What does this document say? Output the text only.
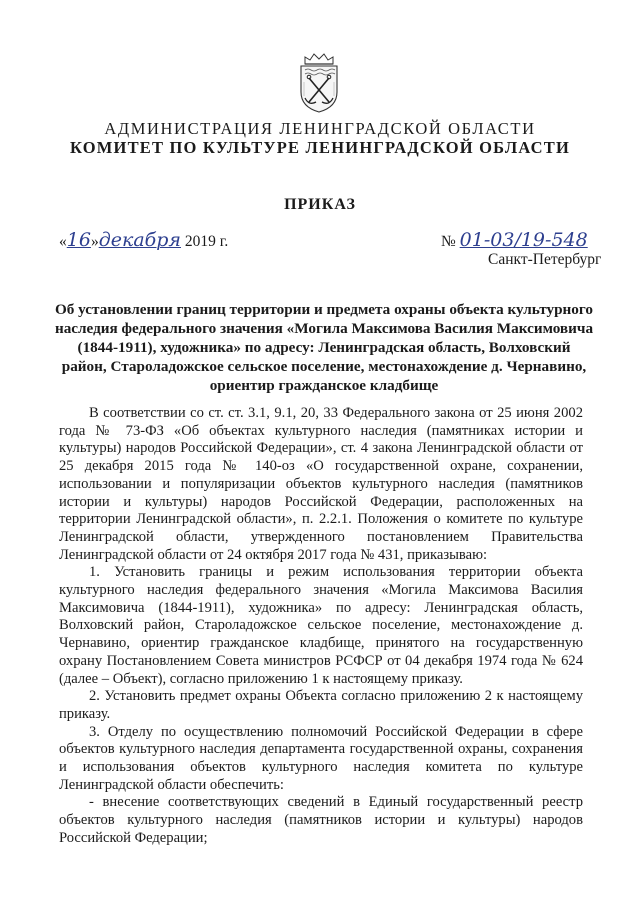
АДМИНИСТРАЦИЯ ЛЕНИНГРАДСКОЙ ОБЛАСТИ
КОМИТЕТ ПО КУЛЬТУРЕ ЛЕНИНГРАДСКОЙ ОБЛАСТИ
ПРИКАЗ
«16»декабря 2019 г.	№ 01-03/19-548
Санкт-Петербург
Об установлении границ территории и предмета охраны объекта культурного наследия федерального значения «Могила Максимова Василия Максимовича (1844-1911), художника» по адресу: Ленинградская область, Волховский район, Староладожское сельское поселение, местонахождение д. Чернавино, ориентир гражданское кладбище

В соответствии со ст. ст. 3.1, 9.1, 20, 33 Федерального закона от 25 июня 2002 года № 73-ФЗ «Об объектах культурного наследия (памятниках истории и культуры) народов Российской Федерации», ст. 4 закона Ленинградской области от 25 декабря 2015 года № 140-оз «О государственной охране, сохранении, использовании и популяризации объектов культурного наследия (памятников истории и культуры) народов Российской Федерации, расположенных на территории Ленинградской области», п. 2.2.1. Положения о комитете по культуре Ленинградской области, утвержденного постановлением Правительства Ленинградской области от 24 октября 2017 года № 431, приказываю:

1. Установить границы и режим использования территории объекта культурного наследия федерального значения «Могила Максимова Василия Максимовича (1844-1911), художника» по адресу: Ленинградская область, Волховский район, Староладожское сельское поселение, местонахождение д. Чернавино, ориентир гражданское кладбище, принятого на государственную охрану Постановлением Совета министров РСФСР от 04 декабря 1974 года № 624 (далее – Объект), согласно приложению 1 к настоящему приказу.

2. Установить предмет охраны Объекта согласно приложению 2 к настоящему приказу.

3. Отделу по осуществлению полномочий Российской Федерации в сфере объектов культурного наследия департамента государственной охраны, сохранения и использования объектов культурного наследия комитета по культуре Ленинградской области обеспечить:

- внесение соответствующих сведений в Единый государственный реестр объектов культурного наследия (памятников истории и культуры) народов Российской Федерации;
